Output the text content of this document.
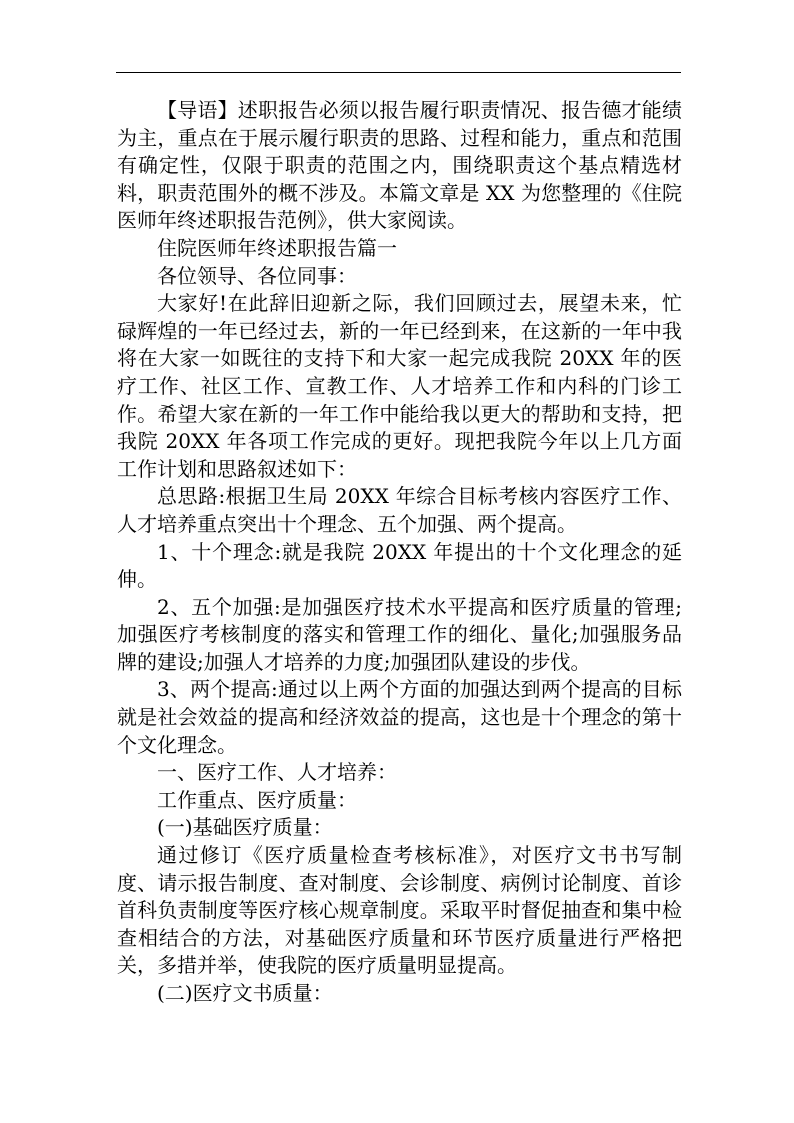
【导语】述职报告必须以报告履行职责情况、报告德才能绩为主，重点在于展示履行职责的思路、过程和能力，重点和范围有确定性，仅限于职责的范围之内，围绕职责这个基点精选材料，职责范围外的概不涉及。本篇文章是 XX 为您整理的《住院医师年终述职报告范例》，供大家阅读。

住院医师年终述职报告篇一

各位领导、各位同事：

大家好!在此辞旧迎新之际，我们回顾过去，展望未来，忙碌辉煌的一年已经过去，新的一年已经到来，在这新的一年中我将在大家一如既往的支持下和大家一起完成我院 20XX 年的医疗工作、社区工作、宣教工作、人才培养工作和内科的门诊工作。希望大家在新的一年工作中能给我以更大的帮助和支持，把我院 20XX 年各项工作完成的更好。现把我院今年以上几方面工作计划和思路叙述如下：

总思路:根据卫生局 20XX 年综合目标考核内容医疗工作、人才培养重点突出十个理念、五个加强、两个提高。

1、十个理念:就是我院 20XX 年提出的十个文化理念的延伸。

2、五个加强:是加强医疗技术水平提高和医疗质量的管理;加强医疗考核制度的落实和管理工作的细化、量化;加强服务品牌的建设;加强人才培养的力度;加强团队建设的步伐。

3、两个提高:通过以上两个方面的加强达到两个提高的目标就是社会效益的提高和经济效益的提高，这也是十个理念的第十个文化理念。

一、医疗工作、人才培养：

工作重点、医疗质量：

(一)基础医疗质量：

通过修订《医疗质量检查考核标准》，对医疗文书书写制度、请示报告制度、查对制度、会诊制度、病例讨论制度、首诊首科负责制度等医疗核心规章制度。采取平时督促抽查和集中检查相结合的方法，对基础医疗质量和环节医疗质量进行严格把关，多措并举，使我院的医疗质量明显提高。

(二)医疗文书质量：
